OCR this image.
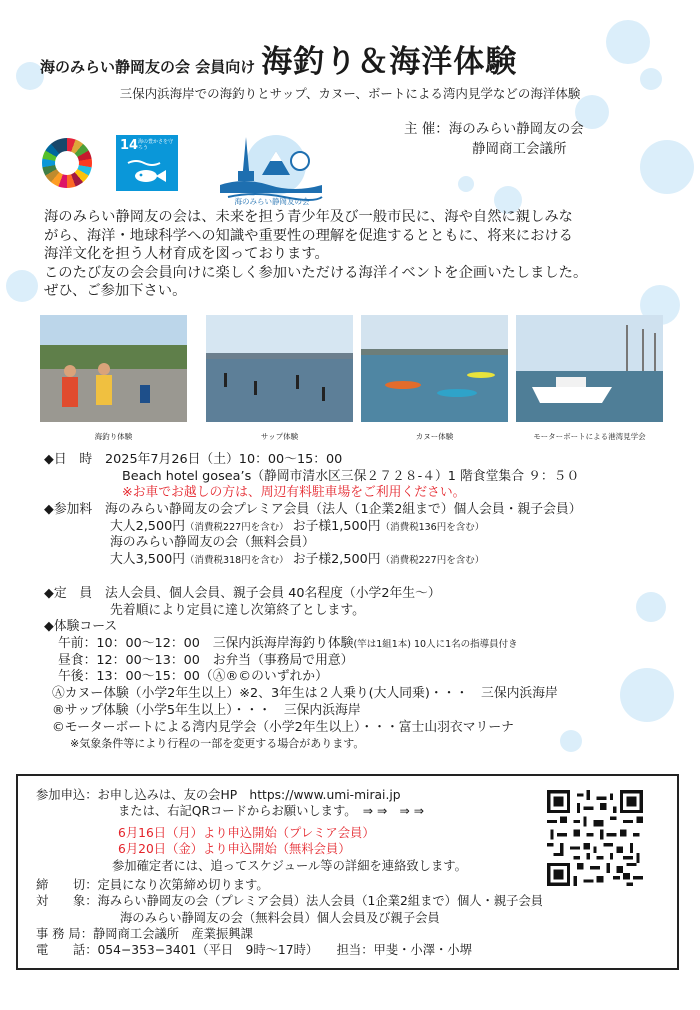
海のみらい静岡友の会 会員向け 海釣り＆海洋体験
三保内浜海岸での海釣りとサップ、カヌー、ボートによる湾内見学などの海洋体験
14 海の豊かさを守ろう
海のみらい静岡友の会
主 催：海のみらい静岡友の会
静岡商工会議所
海のみらい静岡友の会は、未来を担う青少年及び一般市民に、海や自然に親しみな
がら、海洋・地球科学への知識や重要性の理解を促進するとともに、将来における
海洋文化を担う人材育成を図っております。
このたび友の会会員向けに楽しく参加いただける海洋イベントを企画いたしました。
ぜひ、ご参加下さい。
海釣り体験	サップ体験	カヌー体験	モーターボートによる港湾見学会
◆日　時　2025年7月26日（土）10：00〜15：00
Beach hotel gosea’s（静岡市清水区三保２７２８-４）1 階食堂集合 ９：５０
※お車でお越しの方は、周辺有料駐車場をご利用ください。
◆参加料　海のみらい静岡友の会プレミア会員（法人（1企業2組まで）個人会員・親子会員）
大人2,500円（消費税227円を含む） お子様1,500円（消費税136円を含む）
海のみらい静岡友の会（無料会員）
大人3,500円（消費税318円を含む） お子様2,500円（消費税227円を含む）
◆定　員　法人会員、個人会員、親子会員 40名程度（小学2年生〜）
先着順により定員に達し次第終了とします。
◆体験コース
午前：10：00〜12：00　三保内浜海岸海釣り体験(竿は1組1本) 10人に1名の指導員付き
昼食：12：00〜13：00　お弁当（事務局で用意）
午後：13：00〜15：00（Ⓐ®©のいずれか）
Ⓐカヌー体験（小学2年生以上）※2、3年生は２人乗り(大人同乗)・・・　三保内浜海岸
®サップ体験（小学5年生以上）・・・　三保内浜海岸
©モーターボートによる湾内見学会（小学2年生以上）・・・富士山羽衣マリーナ
※気象条件等により行程の一部を変更する場合があります。
参加申込：お申し込みは、友の会HP　https://www.umi-mirai.jp
または、右記QRコードからお願いします。　⇒ ⇒　⇒ ⇒
6月16日（月）より申込開始（プレミア会員）
6月20日（金）より申込開始（無料会員）
参加確定者には、追ってスケジュール等の詳細を連絡致します。
締　　切：定員になり次第締め切ります。
対　　象：海みらい静岡友の会（プレミア会員）法人会員（1企業2組まで）個人・親子会員
海のみらい静岡友の会（無料会員）個人会員及び親子会員
事 務 局：静岡商工会議所　産業振興課
電　　話：054−353−3401（平日　9時〜17時）　　担当：甲斐・小澤・小堺
